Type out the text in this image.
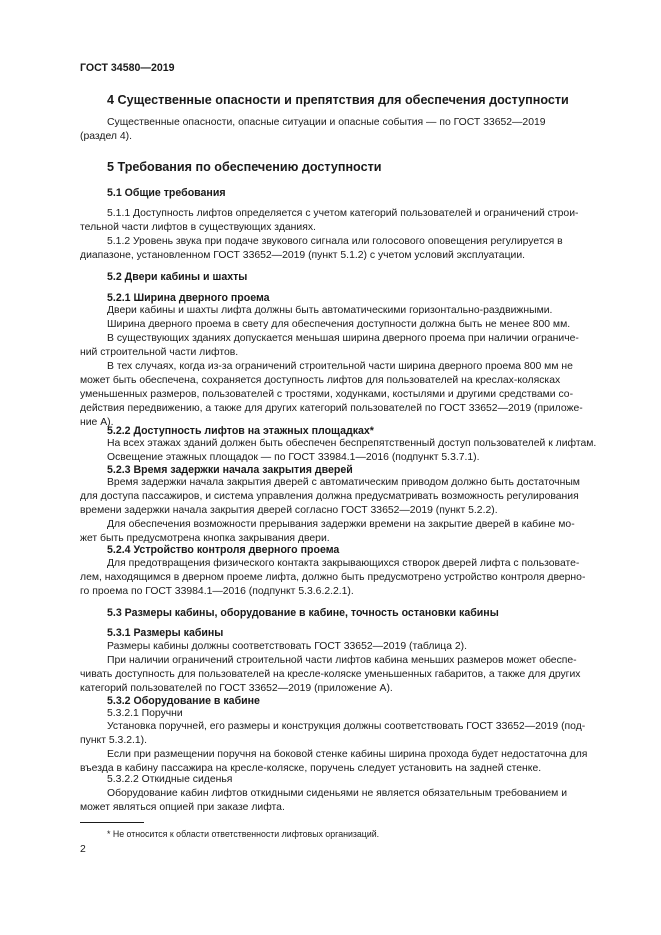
ГОСТ 34580—2019
4 Существенные опасности и препятствия для обеспечения доступности
Существенные опасности, опасные ситуации и опасные события — по ГОСТ 33652—2019
(раздел 4).
5 Требования по обеспечению доступности
5.1 Общие требования
5.1.1 Доступность лифтов определяется с учетом категорий пользователей и ограничений строи-
тельной части лифтов в существующих зданиях.
5.1.2 Уровень звука при подаче звукового сигнала или голосового оповещения регулируется в
диапазоне, установленном ГОСТ 33652—2019 (пункт 5.1.2) с учетом условий эксплуатации.
5.2 Двери кабины и шахты
5.2.1 Ширина дверного проема
Двери кабины и шахты лифта должны быть автоматическими горизонтально-раздвижными.
Ширина дверного проема в свету для обеспечения доступности должна быть не менее 800 мм.
В существующих зданиях допускается меньшая ширина дверного проема при наличии ограниче-
ний строительной части лифтов.
В тех случаях, когда из-за ограничений строительной части ширина дверного проема 800 мм не
может быть обеспечена, сохраняется доступность лифтов для пользователей на креслах-колясках
уменьшенных размеров, пользователей с тростями, ходунками, костылями и другими средствами со-
действия передвижению, а также для других категорий пользователей по ГОСТ 33652—2019 (приложе-
ние А).
5.2.2 Доступность лифтов на этажных площадках*
На всех этажах зданий должен быть обеспечен беспрепятственный доступ пользователей к лифтам.
Освещение этажных площадок — по ГОСТ 33984.1—2016 (подпункт 5.3.7.1).
5.2.3 Время задержки начала закрытия дверей
Время задержки начала закрытия дверей с автоматическим приводом должно быть достаточным
для доступа пассажиров, и система управления должна предусматривать возможность регулирования
времени задержки начала закрытия дверей согласно ГОСТ 33652—2019 (пункт 5.2.2).
Для обеспечения возможности прерывания задержки времени на закрытие дверей в кабине мо-
жет быть предусмотрена кнопка закрывания двери.
5.2.4 Устройство контроля дверного проема
Для предотвращения физического контакта закрывающихся створок дверей лифта с пользовате-
лем, находящимся в дверном проеме лифта, должно быть предусмотрено устройство контроля дверно-
го проема по ГОСТ 33984.1—2016 (подпункт 5.3.6.2.2.1).
5.3 Размеры кабины, оборудование в кабине, точность остановки кабины
5.3.1 Размеры кабины
Размеры кабины должны соответствовать ГОСТ 33652—2019 (таблица 2).
При наличии ограничений строительной части лифтов кабина меньших размеров может обеспе-
чивать доступность для пользователей на кресле-коляске уменьшенных габаритов, а также для других
категорий пользователей по ГОСТ 33652—2019 (приложение А).
5.3.2 Оборудование в кабине
5.3.2.1 Поручни
Установка поручней, его размеры и конструкция должны соответствовать ГОСТ 33652—2019 (под-
пункт 5.3.2.1).
Если при размещении поручня на боковой стенке кабины ширина прохода будет недостаточна для
въезда в кабину пассажира на кресле-коляске, поручень следует установить на задней стенке.
5.3.2.2 Откидные сиденья
Оборудование кабин лифтов откидными сиденьями не является обязательным требованием и
может являться опцией при заказе лифта.
* Не относится к области ответственности лифтовых организаций.
2
